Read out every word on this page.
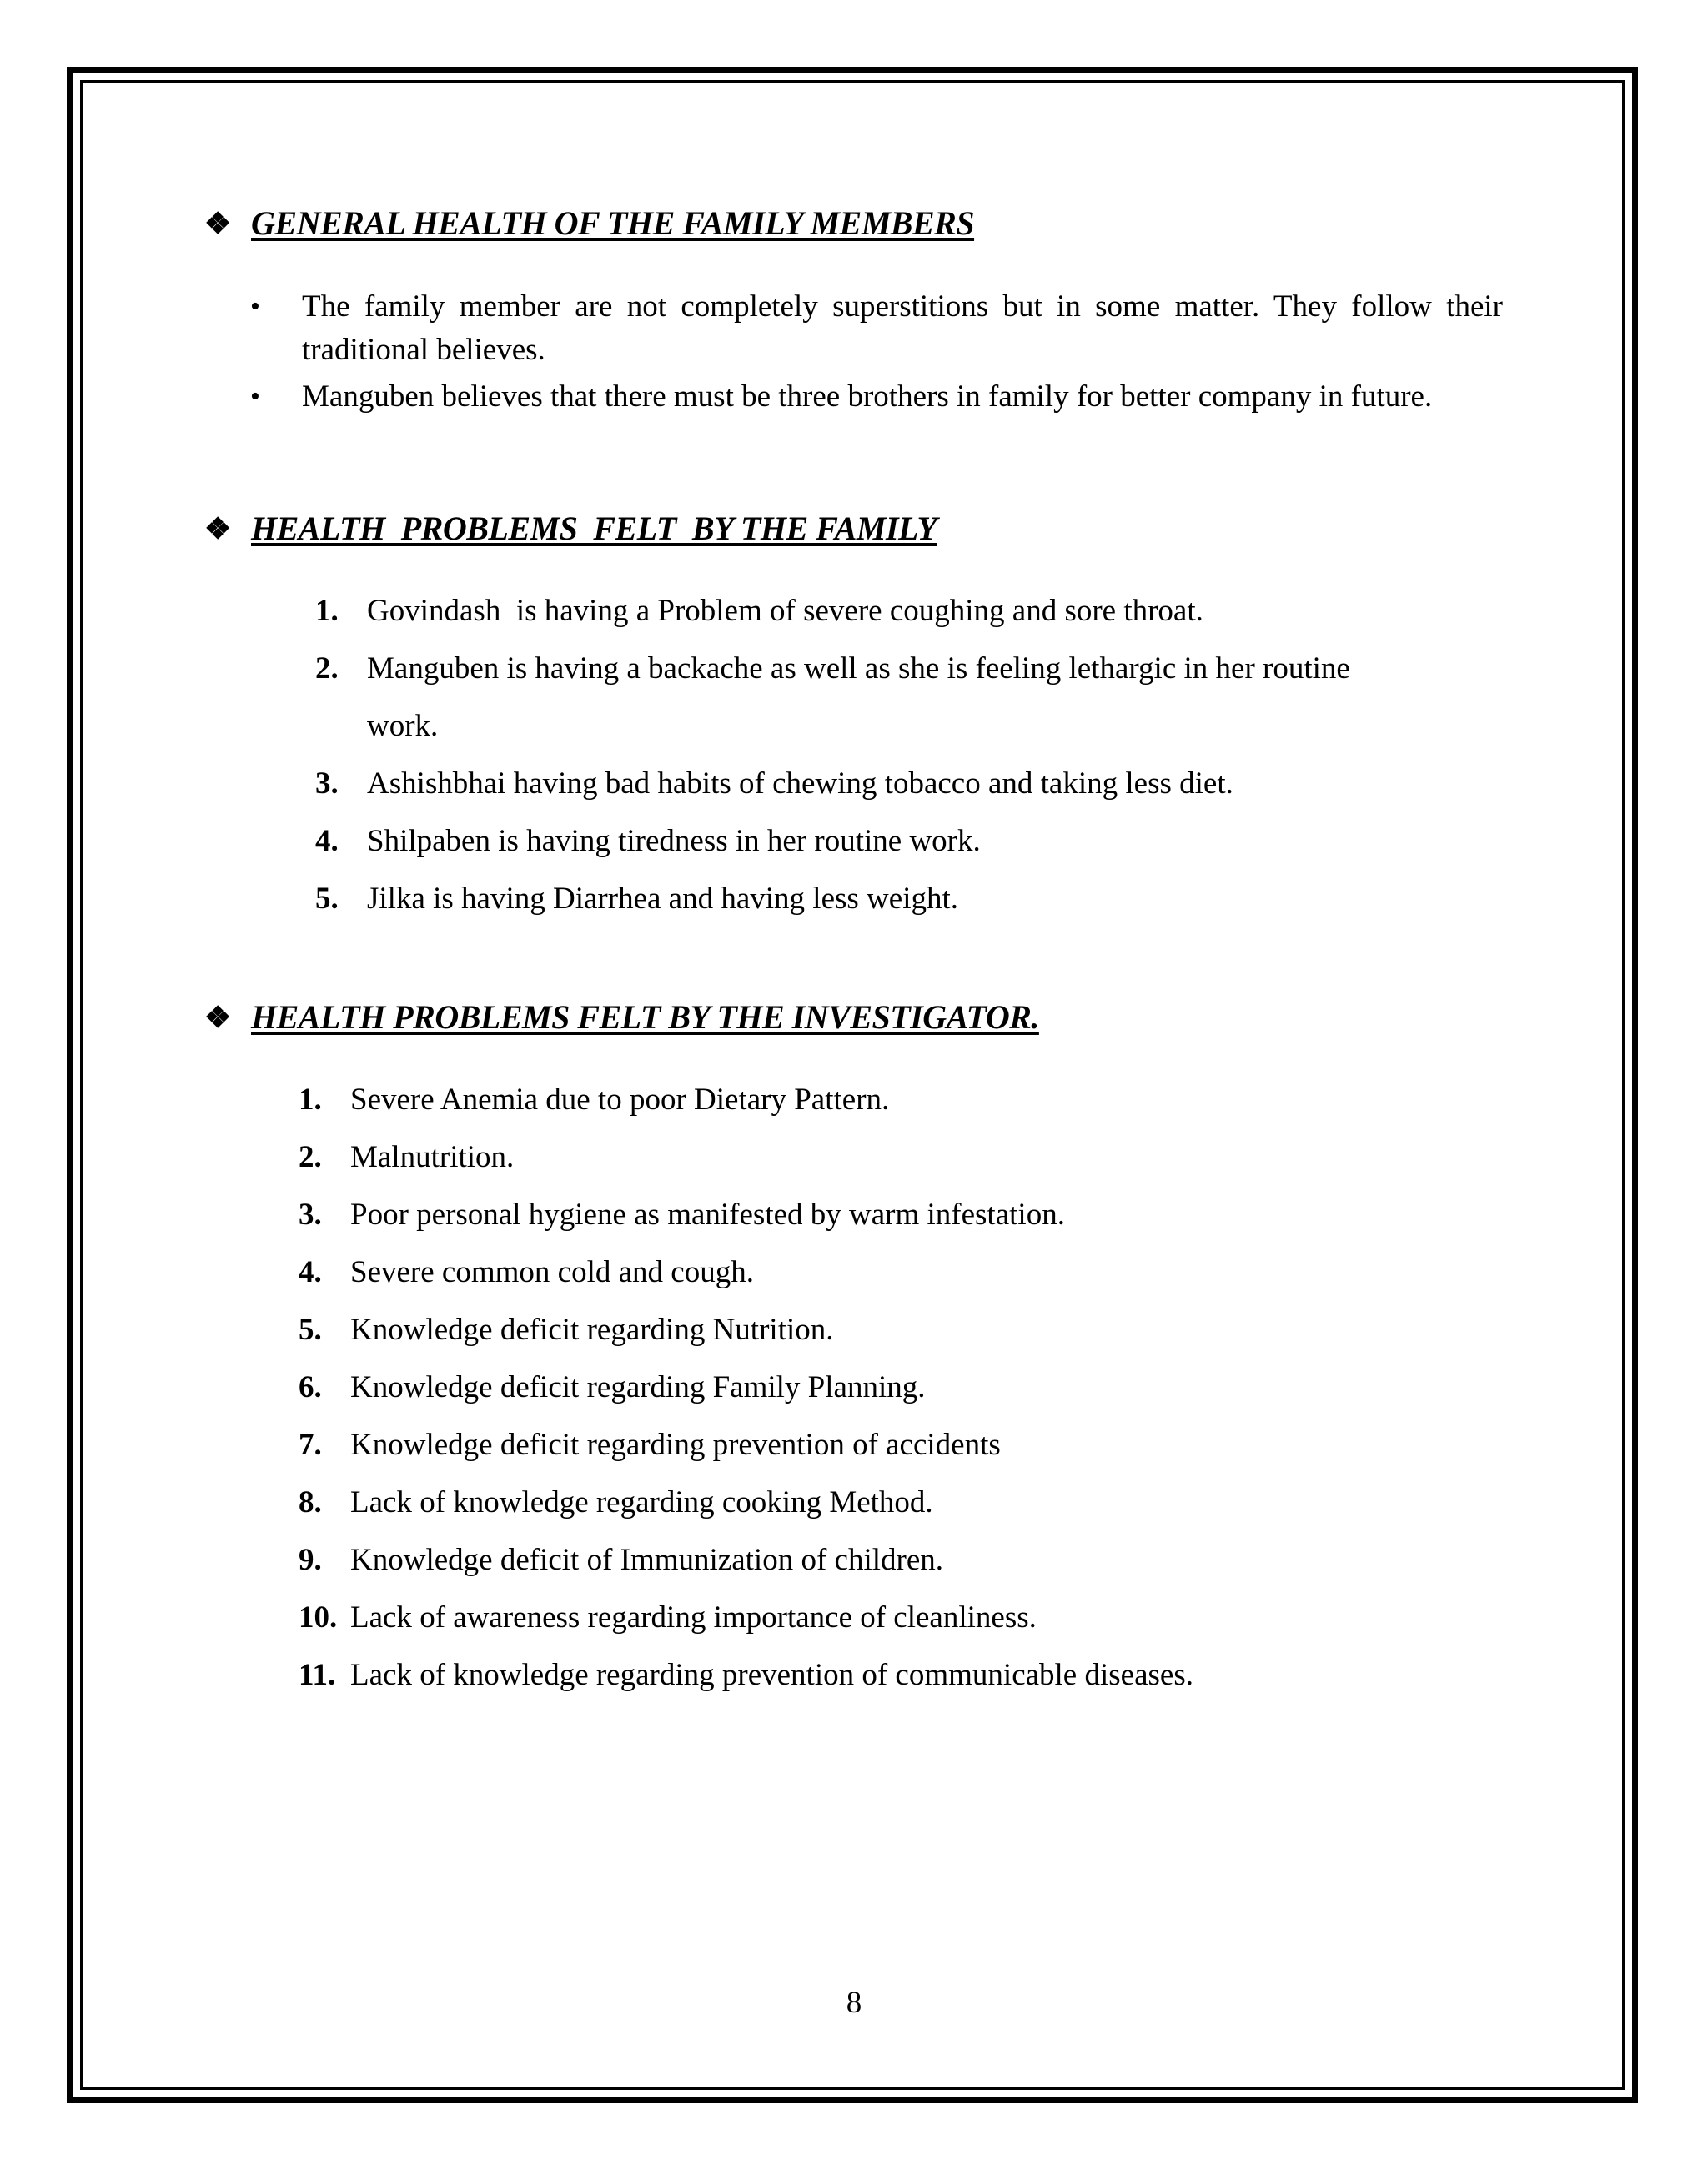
❖ GENERAL HEALTH OF THE FAMILY MEMBERS
• The family member are not completely superstitions but in some matter. They follow their traditional believes.
• Manguben believes that there must be three brothers in family for better company in future.
❖ HEALTH  PROBLEMS  FELT  BY THE FAMILY
1. Govindash  is having a Problem of severe coughing and sore throat.
2. Manguben is having a backache as well as she is feeling lethargic in her routine
work.
3. Ashishbhai having bad habits of chewing tobacco and taking less diet.
4. Shilpaben is having tiredness in her routine work.
5. Jilka is having Diarrhea and having less weight.
❖ HEALTH PROBLEMS FELT BY THE INVESTIGATOR.
1. Severe Anemia due to poor Dietary Pattern.
2. Malnutrition.
3. Poor personal hygiene as manifested by warm infestation.
4. Severe common cold and cough.
5. Knowledge deficit regarding Nutrition.
6. Knowledge deficit regarding Family Planning.
7. Knowledge deficit regarding prevention of accidents
8. Lack of knowledge regarding cooking Method.
9. Knowledge deficit of Immunization of children.
10. Lack of awareness regarding importance of cleanliness.
11. Lack of knowledge regarding prevention of communicable diseases.
8
